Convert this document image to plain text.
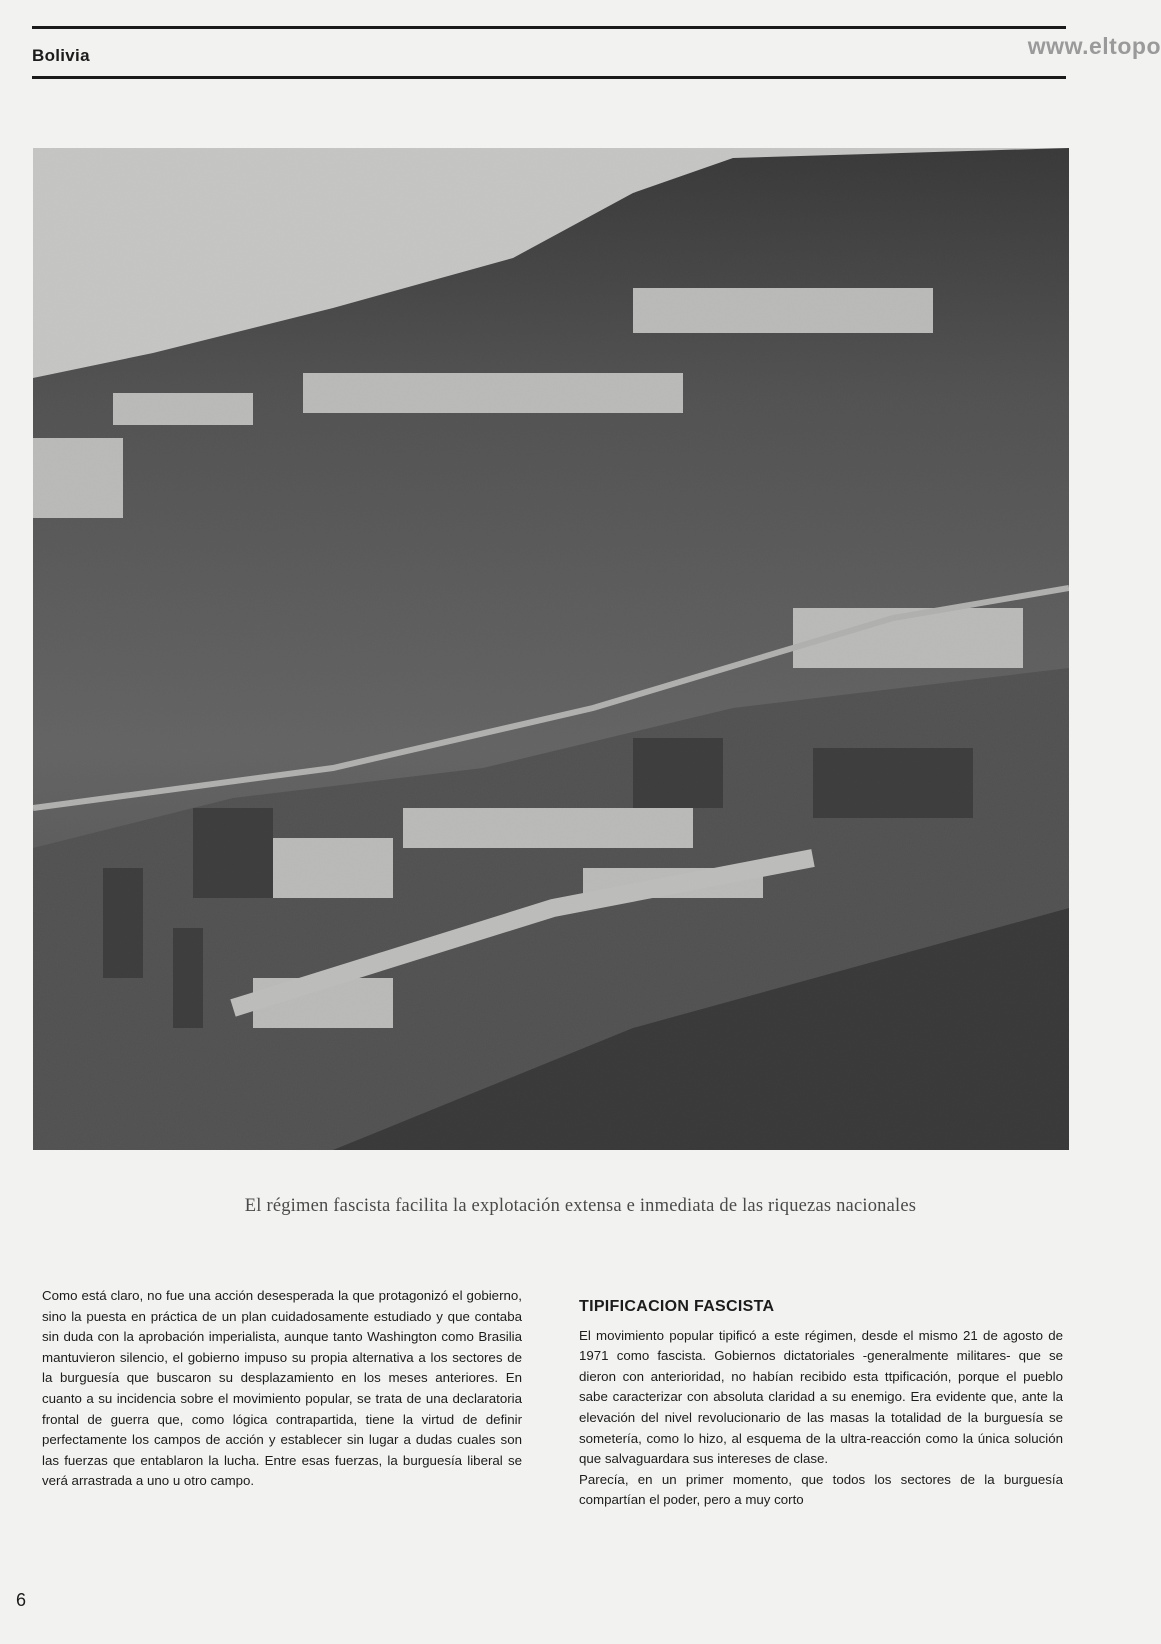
Bolivia	www.eltopo
El régimen fascista facilita la explotación extensa e inmediata de las riquezas nacionales
Como está claro, no fue una acción desesperada la que protagonizó el gobierno, sino la puesta en práctica de un plan cuidadosamente estudiado y que contaba sin duda con la aprobación imperialista, aunque tanto Washington como Brasilia mantuvieron silencio, el gobierno impuso su propia alternativa a los sectores de la burguesía que buscaron su desplazamiento en los meses anteriores. En cuanto a su incidencia sobre el movimiento popular, se trata de una declaratoria frontal de guerra que, como lógica contrapartida, tiene la virtud de definir perfectamente los campos de acción y establecer sin lugar a dudas cuales son las fuerzas que entablaron la lucha. Entre esas fuerzas, la burguesía liberal se verá arrastrada a uno u otro campo.
TIPIFICACION FASCISTA

El movimiento popular tipificó a este régimen, desde el mismo 21 de agosto de 1971 como fascista. Gobiernos dictatoriales -generalmente militares- que se dieron con anterioridad, no habían recibido esta ttpificación, porque el pueblo sabe caracterizar con absoluta claridad a su enemigo. Era evidente que, ante la elevación del nivel revolucionario de las masas la totalidad de la burguesía se sometería, como lo hizo, al esquema de la ultra-reacción como la única solución que salvaguardara sus intereses de clase.

Parecía, en un primer momento, que todos los sectores de la burguesía compartían el poder, pero a muy corto

6
